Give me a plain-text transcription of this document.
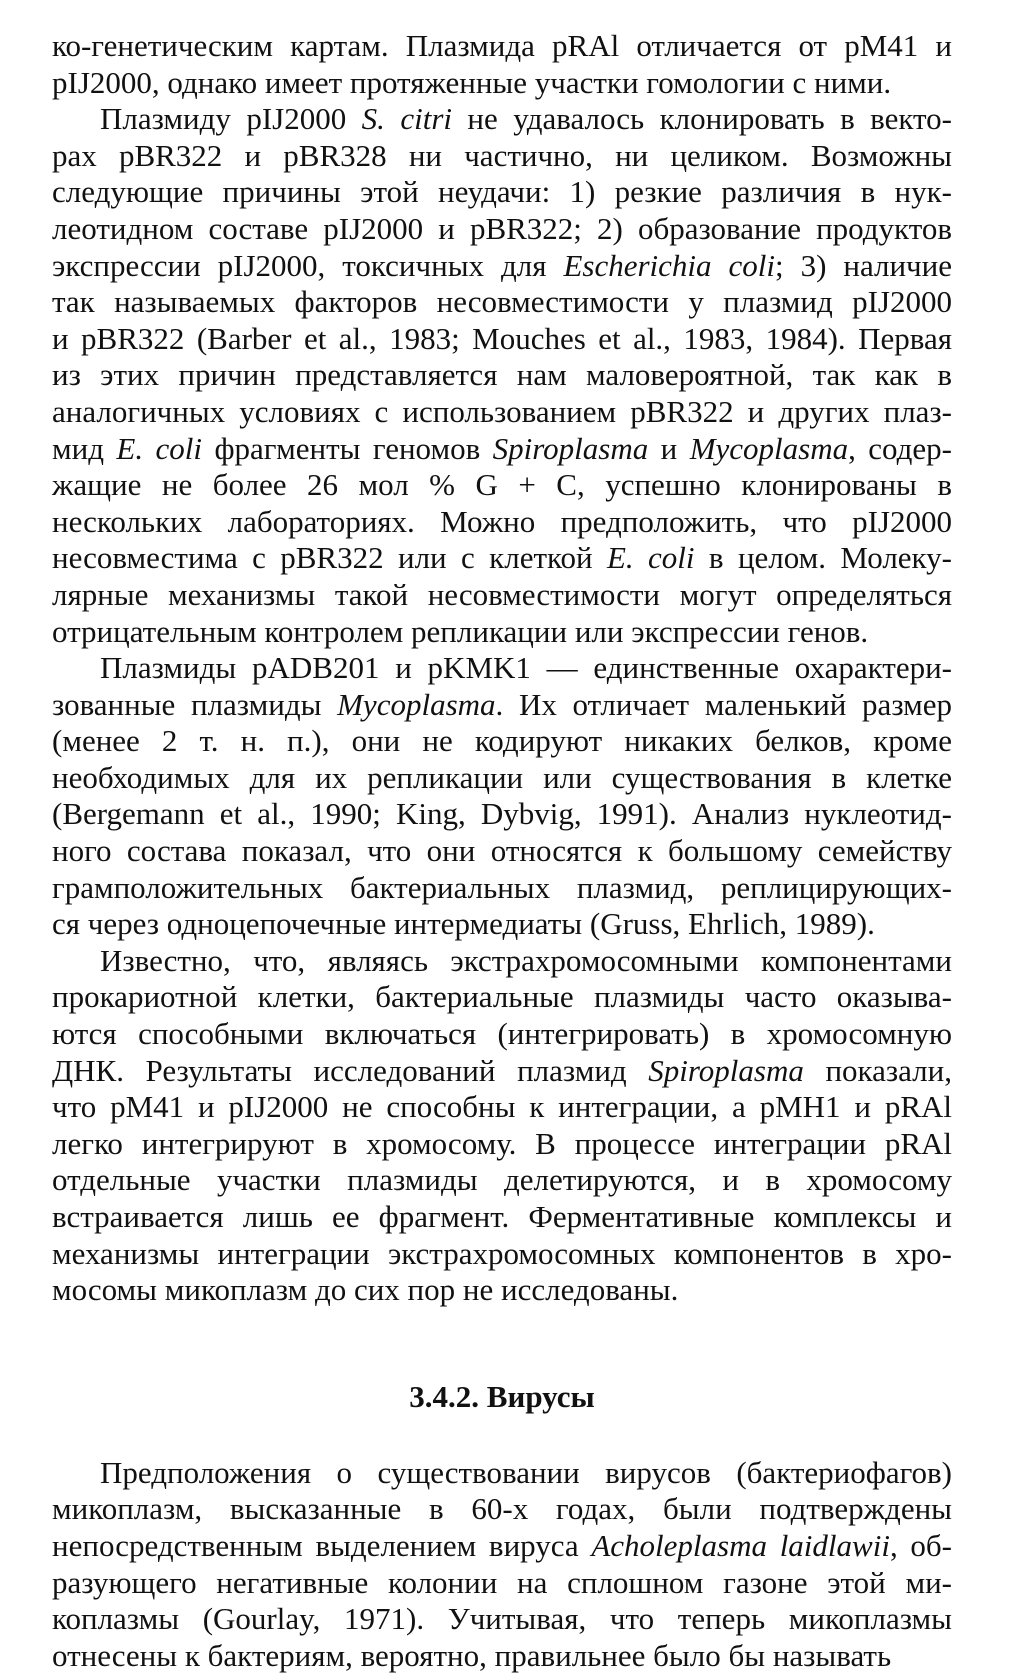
ко-генетическим картам. Плазмида pRAl отличается от pM41 и
pIJ2000, однако имеет протяженные участки гомологии с ними.

Плазмиду pIJ2000 S. citri не удавалось клонировать в векто-
рах pBR322 и pBR328 ни частично, ни целиком. Возможны
следующие причины этой неудачи: 1) резкие различия в нук-
леотидном составе pIJ2000 и pBR322; 2) образование продуктов
экспрессии pIJ2000, токсичных для Escherichia coli; 3) наличие
так называемых факторов несовместимости у плазмид pIJ2000
и pBR322 (Barber et al., 1983; Mouches et al., 1983, 1984). Первая
из этих причин представляется нам маловероятной, так как в
аналогичных условиях с использованием pBR322 и других плаз-
мид E. coli фрагменты геномов Spiroplasma и Mycoplasma, содер-
жащие не более 26 мол % G + C, успешно клонированы в
нескольких лабораториях. Можно предположить, что pIJ2000
несовместима с pBR322 или с клеткой E. coli в целом. Молеку-
лярные механизмы такой несовместимости могут определяться
отрицательным контролем репликации или экспрессии генов.

Плазмиды pADB201 и pKMK1 — единственные охарактери-
зованные плазмиды Mycoplasma. Их отличает маленький размер
(менее 2 т. н. п.), они не кодируют никаких белков, кроме
необходимых для их репликации или существования в клетке
(Bergemann et al., 1990; King, Dybvig, 1991). Анализ нуклеотид-
ного состава показал, что они относятся к большому семейству
грамположительных бактериальных плазмид, реплицирующих-
ся через одноцепочечные интермедиаты (Gruss, Ehrlich, 1989).

Известно, что, являясь экстрахромосомными компонентами
прокариотной клетки, бактериальные плазмиды часто оказыва-
ются способными включаться (интегрировать) в хромосомную
ДНК. Результаты исследований плазмид Spiroplasma показали,
что pM41 и pIJ2000 не способны к интеграции, а pMH1 и pRAl
легко интегрируют в хромосому. В процессе интеграции pRAl
отдельные участки плазмиды делетируются, и в хромосому
встраивается лишь ее фрагмент. Ферментативные комплексы и
механизмы интеграции экстрахромосомных компонентов в хро-
мосомы микоплазм до сих пор не исследованы.

3.4.2. Вирусы

Предположения о существовании вирусов (бактериофагов)
микоплазм, высказанные в 60-х годах, были подтверждены
непосредственным выделением вируса Acholeplasma laidlawii, об-
разующего негативные колонии на сплошном газоне этой ми-
коплазмы (Gourlay, 1971). Учитывая, что теперь микоплазмы
отнесены к бактериям, вероятно, правильнее было бы называть
